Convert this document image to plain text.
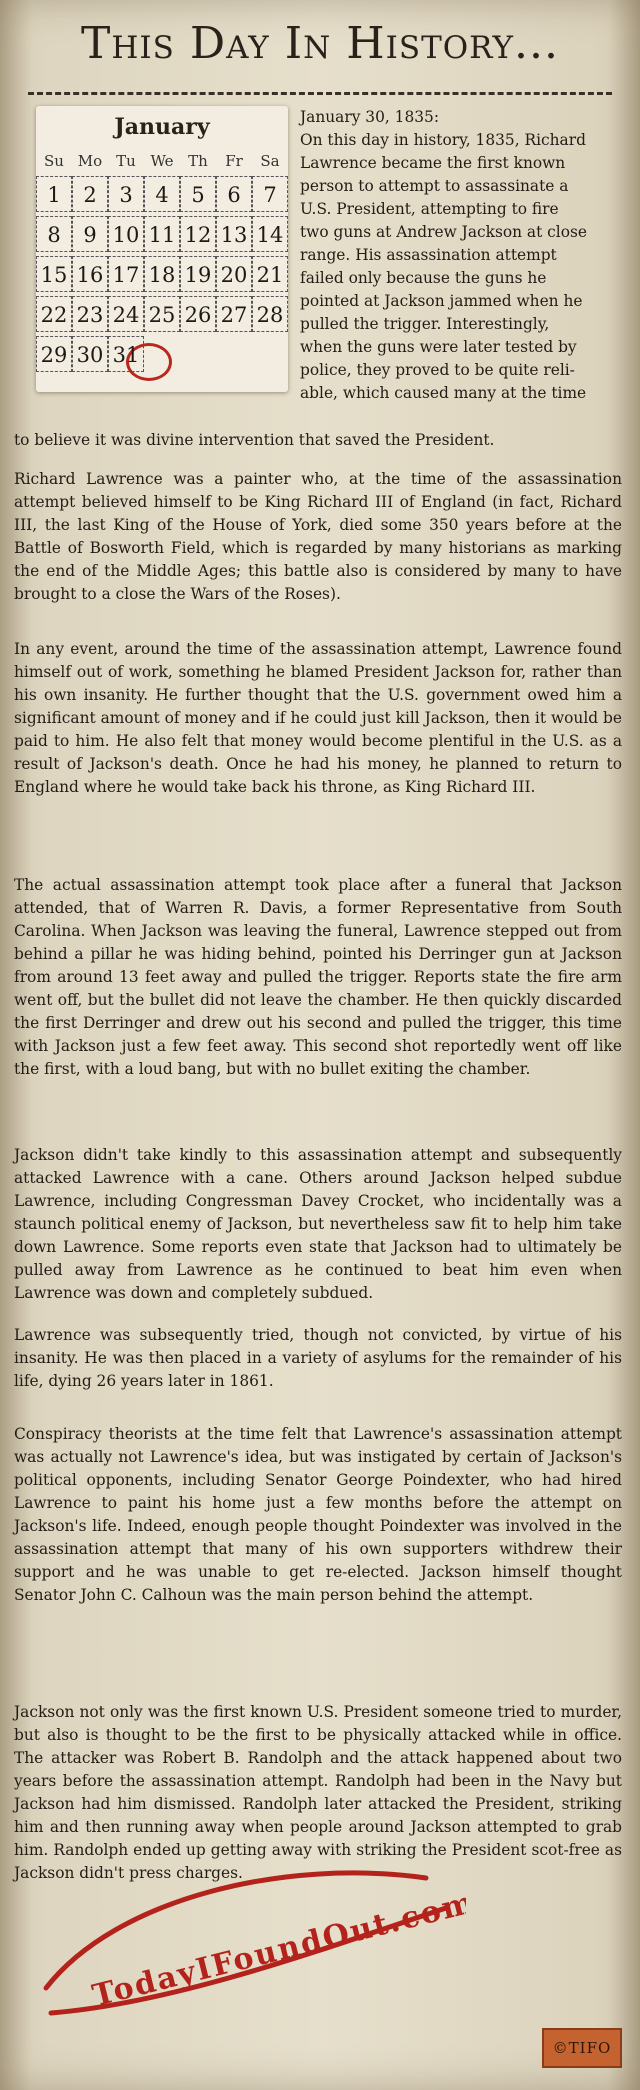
This Day In History...
January
Su Mo Tu We Th	Fr	Sa
1	2	3	4	5	6	7
8	9 10 11 12 13 14
15 16 17 18 19 20 21
22 23 24 25 26 27 28
29 30 31
January 30, 1835:
On this day in history, 1835, Richard
Lawrence became the first known
person to attempt to assassinate a
U.S. President, attempting to fire
two guns at Andrew Jackson at close
range. His assassination attempt
failed only because the guns he
pointed at Jackson jammed when he
pulled the trigger. Interestingly,
when the guns were later tested by
police, they proved to be quite reli-
able, which caused many at the time
to believe it was divine intervention that saved the President.
Richard Lawrence was a painter who, at the time of the assassination attempt believed himself to be King Richard III of England (in fact, Richard III, the last King of the House of York, died some 350 years before at the Battle of Bosworth Field, which is regarded by many historians as marking the end of the Middle Ages; this battle also is considered by many to have brought to a close the Wars of the Roses).
In any event, around the time of the assassination attempt, Lawrence found himself out of work, something he blamed President Jackson for, rather than his own insanity. He further thought that the U.S. government owed him a significant amount of money and if he could just kill Jackson, then it would be paid to him. He also felt that money would become plentiful in the U.S. as a result of Jackson's death. Once he had his money, he planned to return to England where he would take back his throne, as King Richard III.
The actual assassination attempt took place after a funeral that Jackson attended, that of Warren R. Davis, a former Representative from South Carolina. When Jackson was leaving the funeral, Lawrence stepped out from behind a pillar he was hiding behind, pointed his Derringer gun at Jackson from around 13 feet away and pulled the trigger. Reports state the fire arm went off, but the bullet did not leave the chamber. He then quickly discarded the first Derringer and drew out his second and pulled the trigger, this time with Jackson just a few feet away. This second shot reportedly went off like the first, with a loud bang, but with no bullet exiting the chamber.
Jackson didn't take kindly to this assassination attempt and subsequently attacked Lawrence with a cane. Others around Jackson helped subdue Lawrence, including Congressman Davey Crocket, who incidentally was a staunch political enemy of Jackson, but nevertheless saw fit to help him take down Lawrence. Some reports even state that Jackson had to ultimately be pulled away from Lawrence as he continued to beat him even when Lawrence was down and completely subdued.
Lawrence was subsequently tried, though not convicted, by virtue of his insanity. He was then placed in a variety of asylums for the remainder of his life, dying 26 years later in 1861.
Conspiracy theorists at the time felt that Lawrence's assassination attempt was actually not Lawrence's idea, but was instigated by certain of Jackson's political opponents, including Senator George Poindexter, who had hired Lawrence to paint his home just a few months before the attempt on Jackson's life. Indeed, enough people thought Poindexter was involved in the assassination attempt that many of his own supporters withdrew their support and he was unable to get re-elected. Jackson himself thought Senator John C. Calhoun was the main person behind the attempt.
Jackson not only was the first known U.S. President someone tried to murder, but also is thought to be the first to be physically attacked while in office. The attacker was Robert B. Randolph and the attack happened about two years before the assassination attempt. Randolph had been in the Navy but Jackson had him dismissed. Randolph later attacked the President, striking him and then running away when people around Jackson attempted to grab him. Randolph ended up getting away with striking the President scot-free as Jackson didn't press charges.
TodayIFoundOut.com
©TIFO
